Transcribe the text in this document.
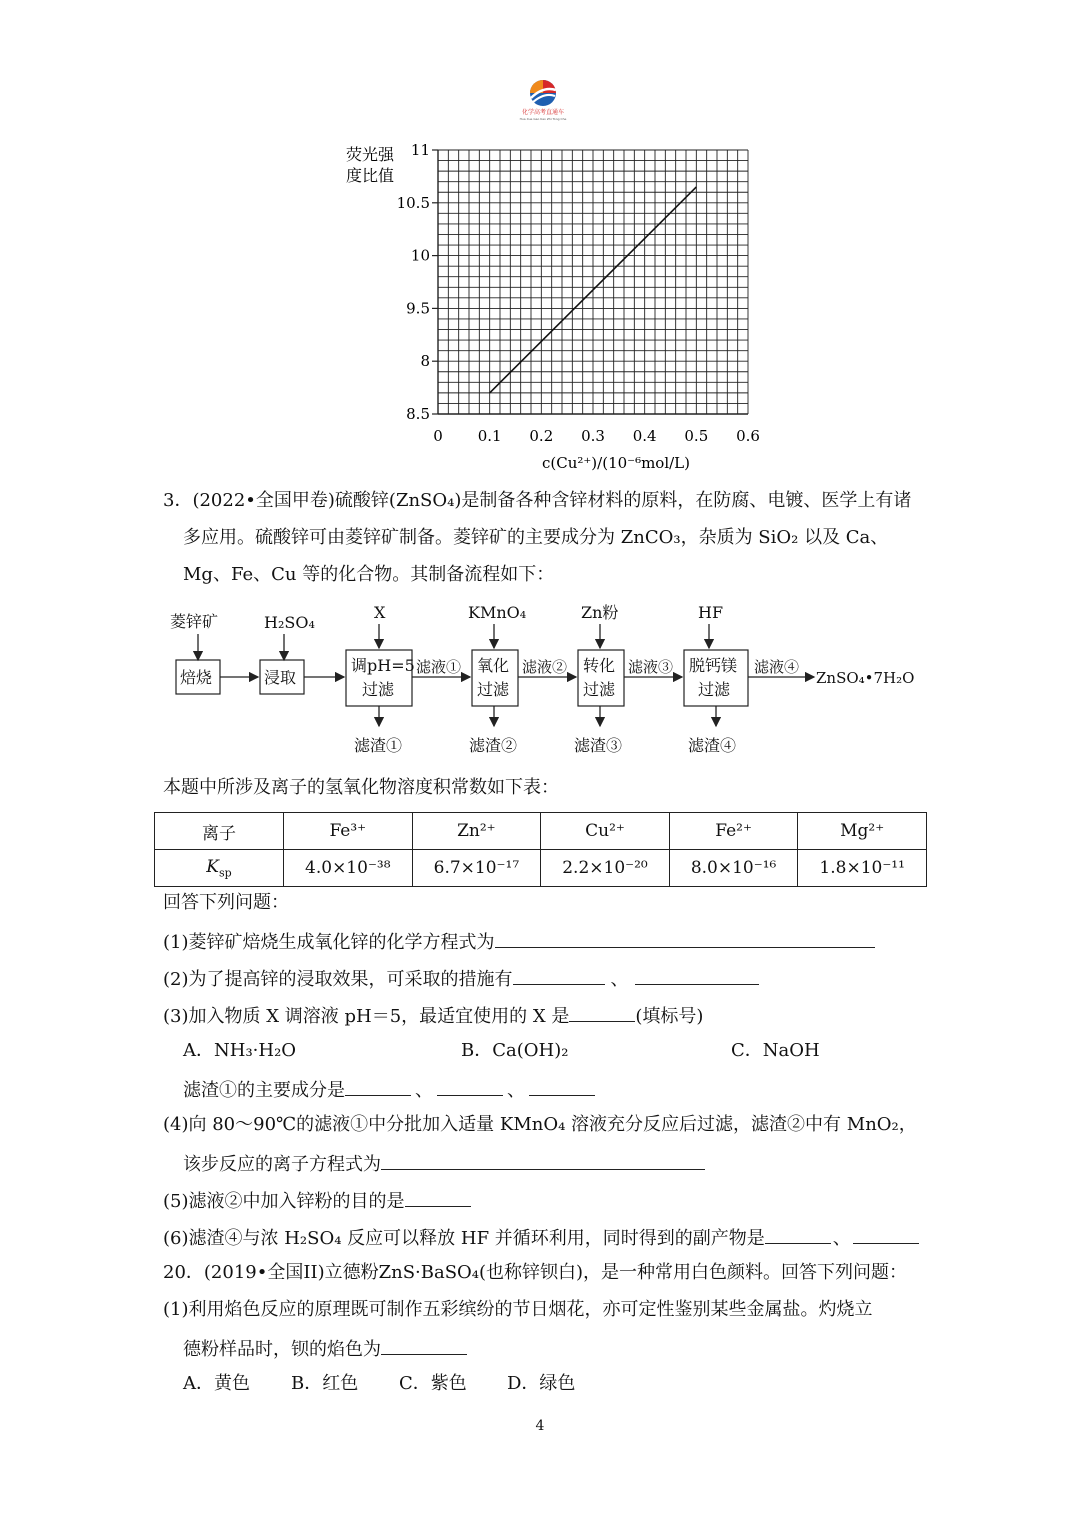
化学高考直通车
Hua Xue Gao Kao Zhi Tong Che
荧光强
度比值
8.5
8
9.5
10
10.5
11
0 0.1 0.2 0.3 0.4 0.5 0.6
c(Cu²⁺)/(10⁻⁶mol/L)
3．(2022•全国甲卷)硫酸锌(ZnSO₄)是制备各种含锌材料的原料，在防腐、电镀、医学上有诸
多应用。硫酸锌可由菱锌矿制备。菱锌矿的主要成分为 ZnCO₃，杂质为 SiO₂ 以及 Ca、
Mg、Fe、Cu 等的化合物。其制备流程如下：
菱锌矿	H₂SO₄
X	KMnO₄	Zn粉	HF
焙烧	浸取
调pH=5
过滤
氧化
过滤
转化
过滤
脱钙镁
过滤
滤液①	滤液②	滤液③	滤液④
ZnSO₄•7H₂O
滤渣①	滤渣②	滤渣③	滤渣④
本题中所涉及离子的氢氧化物溶度积常数如下表：
离子	Fe³⁺	Zn²⁺	Cu²⁺	Fe²⁺	Mg²⁺
$K_{sp}$	4.0×10⁻³⁸	6.7×10⁻¹⁷	2.2×10⁻²⁰	8.0×10⁻¹⁶	1.8×10⁻¹¹
回答下列问题：
(1)菱锌矿焙烧生成氧化锌的化学方程式为
(2)为了提高锌的浸取效果，可采取的措施有	、
(3)加入物质 X 调溶液 pH＝5，最适宜使用的 X 是	(填标号)
A．NH₃·H₂O	B．Ca(OH)₂	C．NaOH
滤渣①的主要成分是	、	、
(4)向 80～90℃的滤液①中分批加入适量 KMnO₄ 溶液充分反应后过滤，滤渣②中有 MnO₂，
该步反应的离子方程式为
(5)滤液②中加入锌粉的目的是
(6)滤渣④与浓 H₂SO₄ 反应可以释放 HF 并循环利用，同时得到的副产物是	、
20．(2019•全国II)立德粉ZnS·BaSO₄(也称锌钡白)，是一种常用白色颜料。回答下列问题：
(1)利用焰色反应的原理既可制作五彩缤纷的节日烟花，亦可定性鉴别某些金属盐。灼烧立
德粉样品时，钡的焰色为
A．黄色 B．红色 C．紫色 D．绿色
4
